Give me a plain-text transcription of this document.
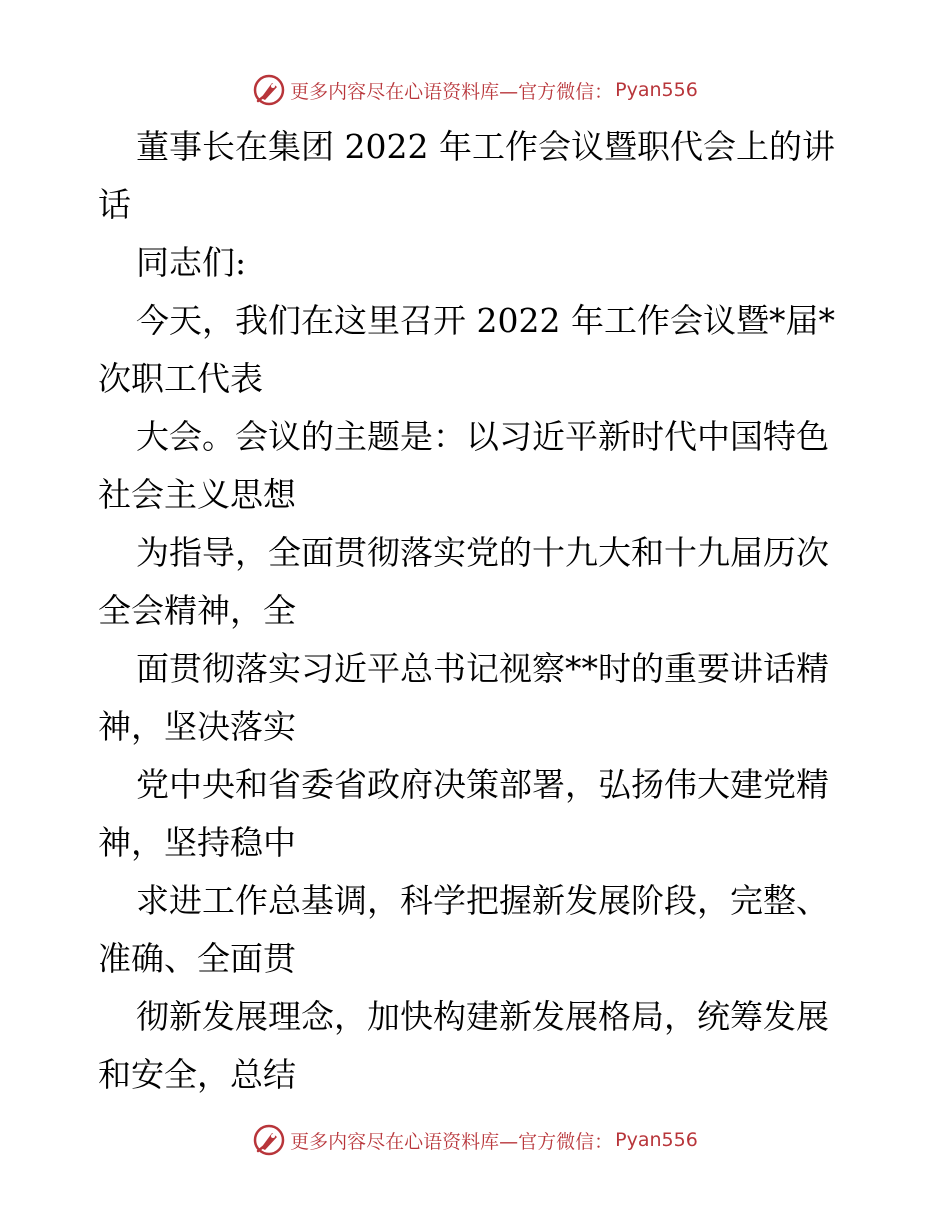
更多内容尽在心语资料库—官方微信： Pyan556
董事长在集团 2022 年工作会议暨职代会上的讲
话
同志们:
今天，我们在这里召开 2022 年工作会议暨*届*
次职工代表
大会。会议的主题是：以习近平新时代中国特色
社会主义思想
为指导，全面贯彻落实党的十九大和十九届历次
全会精神，全
面贯彻落实习近平总书记视察**时的重要讲话精
神，坚决落实
党中央和省委省政府决策部署，弘扬伟大建党精
神，坚持稳中
求进工作总基调，科学把握新发展阶段，完整、
准确、全面贯
彻新发展理念，加快构建新发展格局，统筹发展
和安全，总结
更多内容尽在心语资料库—官方微信： Pyan556
